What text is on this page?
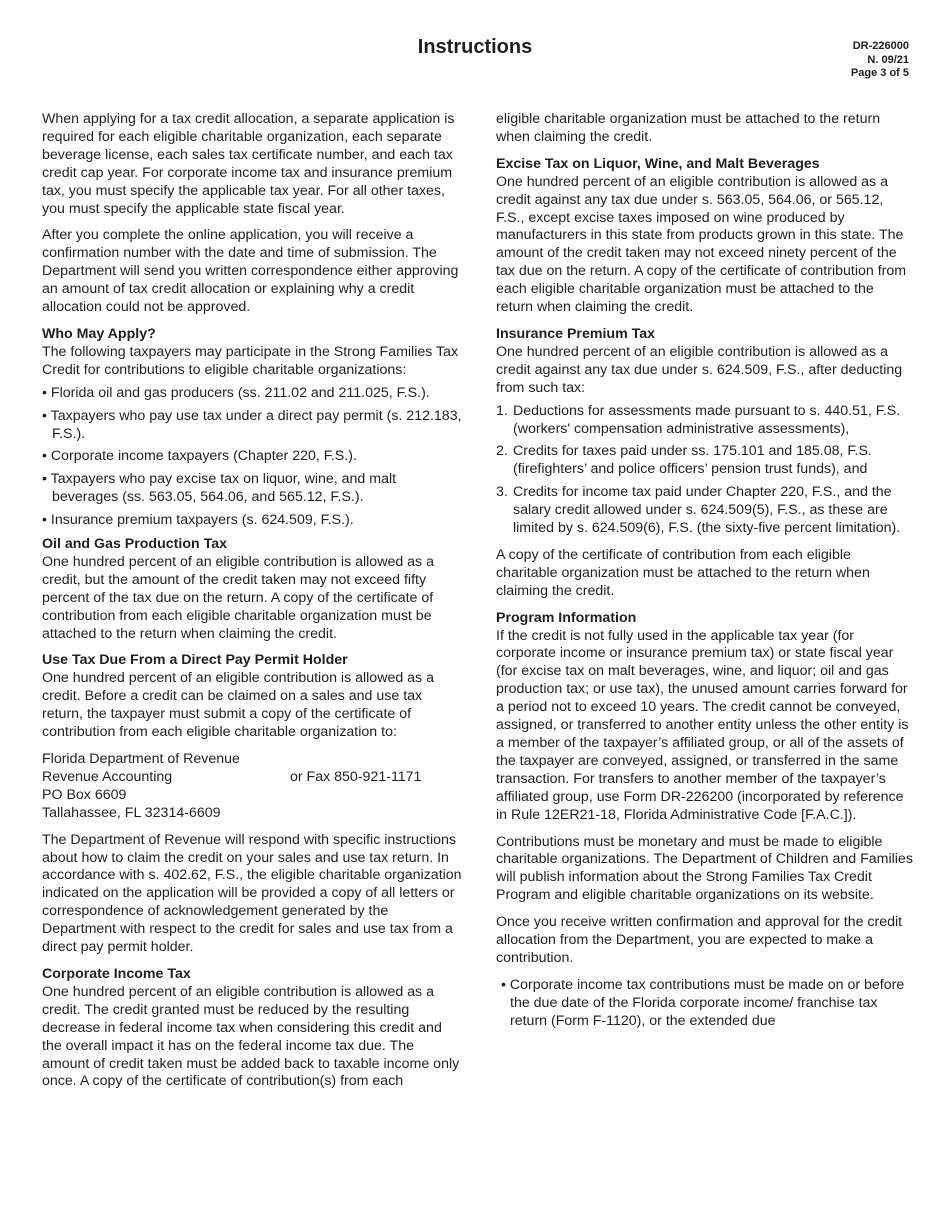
Instructions	DR-226000
N. 09/21
Page 3 of 5

When applying for a tax credit allocation, a separate application is required for each eligible charitable organization, each separate beverage license, each sales tax certificate number, and each tax credit cap year. For corporate income tax and insurance premium tax, you must specify the applicable tax year. For all other taxes, you must specify the applicable state fiscal year.

After you complete the online application, you will receive a confirmation number with the date and time of submission. The Department will send you written correspondence either approving an amount of tax credit allocation or explaining why a credit allocation could not be approved.

Who May Apply?

The following taxpayers may participate in the Strong Families Tax Credit for contributions to eligible charitable organizations:

• Florida oil and gas producers (ss. 211.02 and 211.025, F.S.).
• Taxpayers who pay use tax under a direct pay permit (s. 212.183, F.S.).
• Corporate income taxpayers (Chapter 220, F.S.).
• Taxpayers who pay excise tax on liquor, wine, and malt beverages (ss. 563.05, 564.06, and 565.12, F.S.).
• Insurance premium taxpayers (s. 624.509, F.S.).
Oil and Gas Production Tax

One hundred percent of an eligible contribution is allowed as a credit, but the amount of the credit taken may not exceed fifty percent of the tax due on the return. A copy of the certificate of contribution from each eligible charitable organization must be attached to the return when claiming the credit.

Use Tax Due From a Direct Pay Permit Holder

One hundred percent of an eligible contribution is allowed as a credit. Before a credit can be claimed on a sales and use tax return, the taxpayer must submit a copy of the certificate of contribution from each eligible charitable organization to:

Florida Department of Revenue
Revenue Accounting	or Fax 850-921-1171
PO Box 6609
Tallahassee, FL 32314-6609

The Department of Revenue will respond with specific instructions about how to claim the credit on your sales and use tax return. In accordance with s. 402.62, F.S., the eligible charitable organization indicated on the application will be provided a copy of all letters or correspondence of acknowledgement generated by the Department with respect to the credit for sales and use tax from a direct pay permit holder.

Corporate Income Tax

One hundred percent of an eligible contribution is allowed as a credit. The credit granted must be reduced by the resulting decrease in federal income tax when considering this credit and the overall impact it has on the federal income tax due. The amount of credit taken must be added back to taxable income only once. A copy of the certificate of contribution(s) from each

eligible charitable organization must be attached to the return when claiming the credit.

Excise Tax on Liquor, Wine, and Malt Beverages

One hundred percent of an eligible contribution is allowed as a credit against any tax due under s. 563.05, 564.06, or 565.12, F.S., except excise taxes imposed on wine produced by manufacturers in this state from products grown in this state. The amount of the credit taken may not exceed ninety percent of the tax due on the return. A copy of the certificate of contribution from each eligible charitable organization must be attached to the return when claiming the credit.

Insurance Premium Tax

One hundred percent of an eligible contribution is allowed as a credit against any tax due under s. 624.509, F.S., after deducting from such tax:

1. Deductions for assessments made pursuant to s. 440.51, F.S. (workers' compensation administrative assessments),
2. Credits for taxes paid under ss. 175.101 and 185.08, F.S. (firefighters’ and police officers’ pension trust funds), and
3. Credits for income tax paid under Chapter 220, F.S., and the salary credit allowed under s. 624.509(5), F.S., as these are limited by s. 624.509(6), F.S. (the sixty-five percent limitation).

A copy of the certificate of contribution from each eligible charitable organization must be attached to the return when claiming the credit.

Program Information

If the credit is not fully used in the applicable tax year (for corporate income or insurance premium tax) or state fiscal year (for excise tax on malt beverages, wine, and liquor; oil and gas production tax; or use tax), the unused amount carries forward for a period not to exceed 10 years. The credit cannot be conveyed, assigned, or transferred to another entity unless the other entity is a member of the taxpayer’s affiliated group, or all of the assets of the taxpayer are conveyed, assigned, or transferred in the same transaction. For transfers to another member of the taxpayer’s affiliated group, use Form DR-226200 (incorporated by reference in Rule 12ER21-18, Florida Administrative Code [F.A.C.]).

Contributions must be monetary and must be made to eligible charitable organizations. The Department of Children and Families will publish information about the Strong Families Tax Credit Program and eligible charitable organizations on its website.

Once you receive written confirmation and approval for the credit allocation from the Department, you are expected to make a contribution.

• Corporate income tax contributions must be made on or before the due date of the Florida corporate income/ franchise tax return (Form F-1120), or the extended due
